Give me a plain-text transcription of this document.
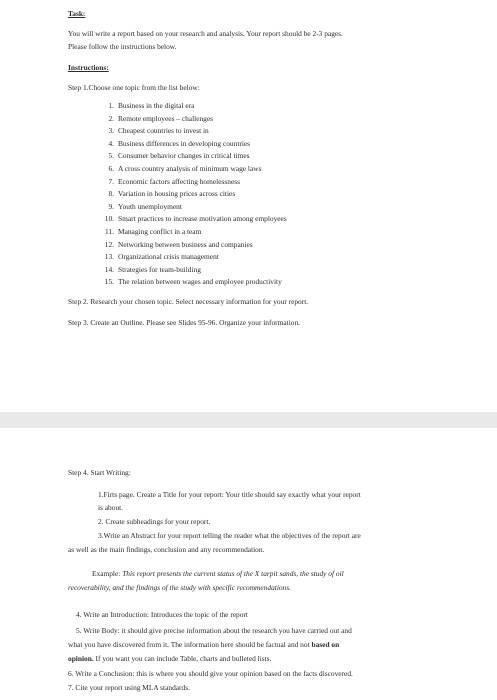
Task:
You will write a report based on your research and analysis. Your report should be 2-3 pages.
Please follow the instructions below.
Instructions:
Step 1.Choose one topic from the list below:
1. Business in the digital era
2. Remote employees – challenges
3. Cheapest countries to invest in
4. Business differences in developing countries
5. Consumer behavior changes in critical times
6. A cross country analysis of minimum wage laws
7. Economic factors affecting homelessness
8. Variation in housing prices across cities
9. Youth unemployment
10. Smart practices to increase motivation among employees
11. Managing conflict in a team
12. Networking between business and companies
13. Organizational crisis management
14. Strategies for team-building
15. The relation between wages and employee productivity
Step 2. Research your chosen topic. Select necessary information for your report.
Step 3. Create an Outline. Please see Slides 95-96. Organize your information.
Step 4. Start Writing:
1.Firts page. Create a Title for your report: Your title should say exactly what your report
is about.
2. Create subheadings for your report.
3.Write an Abstract for your report telling the reader what the objectives of the report are
as well as the main findings, conclusion and any recommendation.
Example: This report presents the current status of the X tarpit sands, the study of oil
recoverability, and the findings of the study with specific recommendations.
4. Write an Introduction: Introduces the topic of the report
5. Write Body: it should give precise information about the research you have carried out and
what you have discovered from it. The information here should be factual and not based on
opinion. If you want you can include Table, charts and bulleted lists.
6. Write a Conclusion: this is where you should give your opinion based on the facts discovered.
7. Cite your report using MLA standards.
